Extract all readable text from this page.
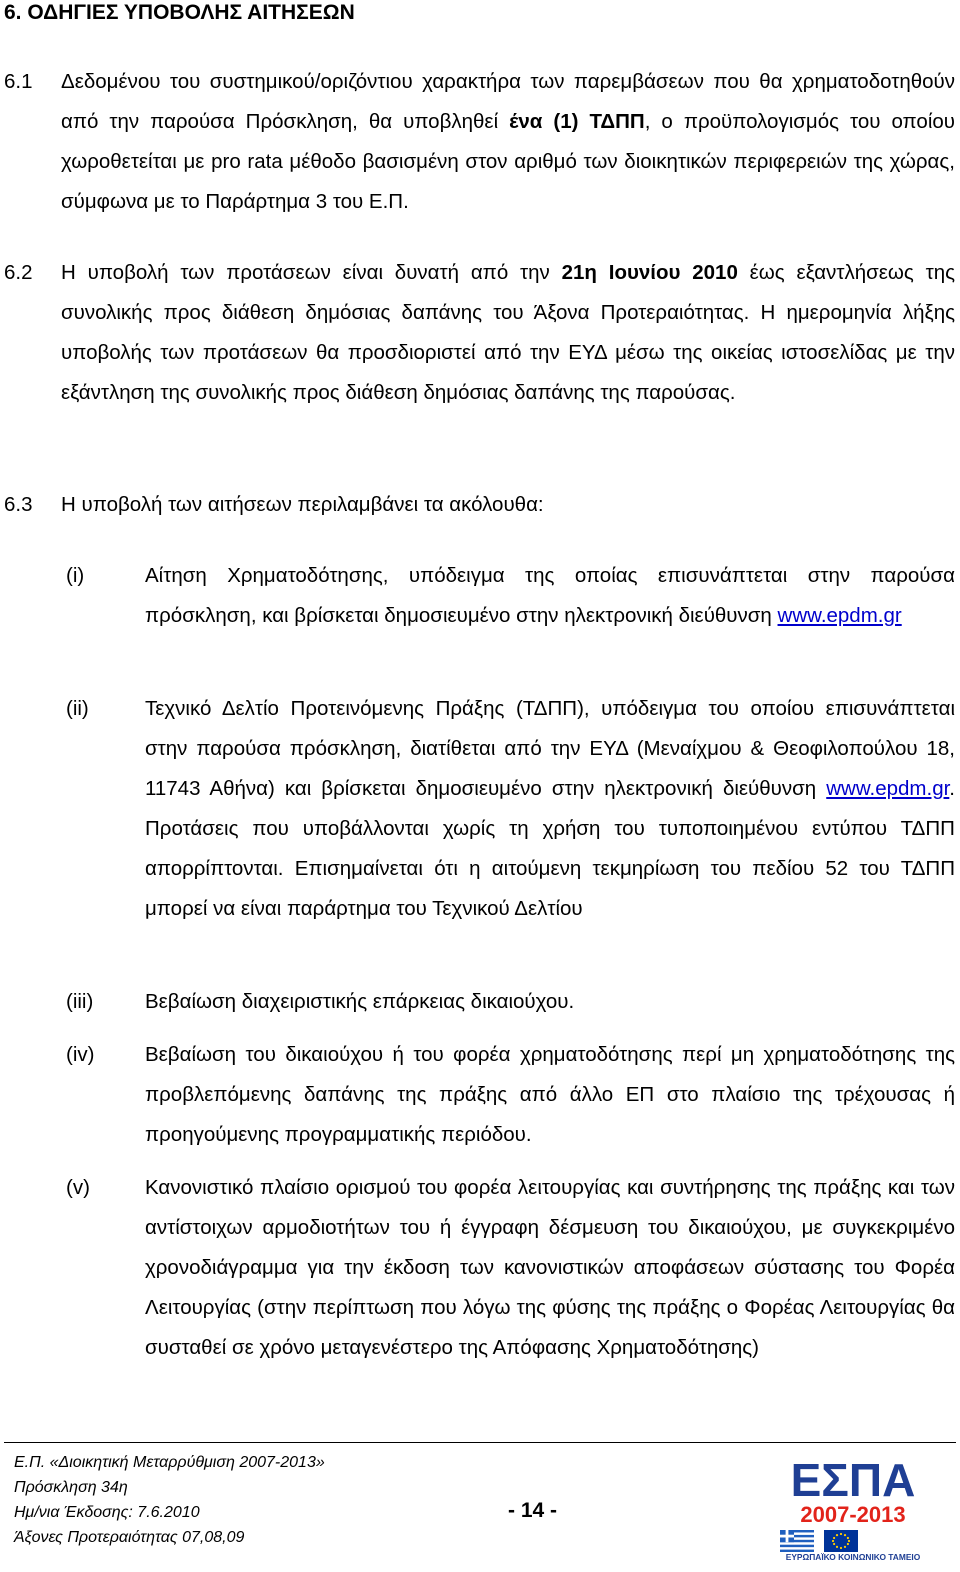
6. ΟΔΗΓΙΕΣ ΥΠΟΒΟΛΗΣ ΑΙΤΗΣΕΩΝ

6.1 Δεδομένου του συστημικού/οριζόντιου χαρακτήρα των παρεμβάσεων που θα χρηματοδοτηθούν από την παρούσα Πρόσκληση, θα υποβληθεί ένα (1) ΤΔΠΠ, ο προϋπολογισμός του οποίου χωροθετείται με pro rata μέθοδο βασισμένη στον αριθμό των διοικητικών περιφερειών της χώρας, σύμφωνα με το Παράρτημα 3 του Ε.Π.

6.2 Η υποβολή των προτάσεων είναι δυνατή από την 21η Ιουνίου 2010 έως εξαντλήσεως της συνολικής προς διάθεση δημόσιας δαπάνης του Άξονα Προτεραιότητας. Η ημερομηνία λήξης υποβολής των προτάσεων θα προσδιοριστεί από την ΕΥΔ μέσω της οικείας ιστοσελίδας με την εξάντληση της συνολικής προς διάθεση δημόσιας δαπάνης της παρούσας.

6.3 Η υποβολή των αιτήσεων περιλαμβάνει τα ακόλουθα:

(i)	Αίτηση Χρηματοδότησης, υπόδειγμα της οποίας επισυνάπτεται στην παρούσα πρόσκληση, και βρίσκεται δημοσιευμένο στην ηλεκτρονική διεύθυνση www.epdm.gr
(ii)	Τεχνικό Δελτίο Προτεινόμενης Πράξης (ΤΔΠΠ), υπόδειγμα του οποίου επισυνάπτεται στην παρούσα πρόσκληση, διατίθεται από την ΕΥΔ (Μεναίχμου & Θεοφιλοπούλου 18, 11743 Αθήνα) και βρίσκεται δημοσιευμένο στην ηλεκτρονική διεύθυνση www.epdm.gr. Προτάσεις που υποβάλλονται χωρίς τη χρήση του τυποποιημένου εντύπου ΤΔΠΠ απορρίπτονται. Επισημαίνεται ότι η αιτούμενη τεκμηρίωση του πεδίου 52 του ΤΔΠΠ μπορεί να είναι παράρτημα του Τεχνικού Δελτίου
(iii)	Βεβαίωση διαχειριστικής επάρκειας δικαιούχου.
(iv) Βεβαίωση του δικαιούχου ή του φορέα χρηματοδότησης περί μη χρηματοδότησης της προβλεπόμενης δαπάνης της πράξης από άλλο ΕΠ στο πλαίσιο της τρέχουσας ή προηγούμενης προγραμματικής περιόδου.
(v)	Κανονιστικό πλαίσιο ορισμού του φορέα λειτουργίας και συντήρησης της πράξης και των αντίστοιχων αρμοδιοτήτων του ή έγγραφη δέσμευση του δικαιούχου, με συγκεκριμένο χρονοδιάγραμμα για την έκδοση των κανονιστικών αποφάσεων σύστασης του Φορέα Λειτουργίας (στην περίπτωση που λόγω της φύσης της πράξης ο Φορέας Λειτουργίας θα συσταθεί σε χρόνο μεταγενέστερο της Απόφασης Χρηματοδότησης)
Ε.Π. «Διοικητική Μεταρρύθμιση 2007-2013»
Πρόσκληση 34η
Ημ/νια Έκδοσης: 7.6.2010
Άξονες Προτεραιότητας 07,08,09
- 14 -
ΕΣΠΑ
2007-2013
ΕΥΡΩΠΑΪΚΟ ΚΟΙΝΩΝΙΚΟ ΤΑΜΕΙΟ
